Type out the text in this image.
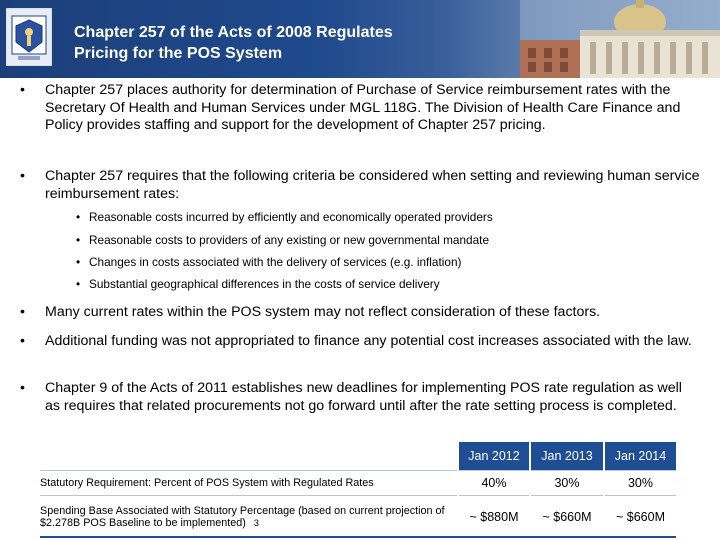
Chapter 257 of the Acts of 2008 Regulates
Pricing for the POS System
• Chapter 257 places authority for determination of Purchase of Service reimbursement rates with the Secretary Of Health and Human Services under MGL 118G. The Division of Health Care Finance and Policy provides staffing and support for the development of Chapter 257 pricing.
• Chapter 257 requires that the following criteria be considered when setting and reviewing human service reimbursement rates:
• Reasonable costs incurred by efficiently and economically operated providers
• Reasonable costs to providers of any existing or new governmental mandate
• Changes in costs associated with the delivery of services (e.g. inflation)
• Substantial geographical differences in the costs of service delivery
• Many current rates within the POS system may not reflect consideration of these factors.
• Additional funding was not appropriated to finance any potential cost increases associated with the law.
• Chapter 9 of the Acts of 2011 establishes new deadlines for implementing POS rate regulation as well as requires that related procurements not go forward until after the rate setting process is completed.
	Jan 2012	Jan 2013	Jan 2014
Statutory Requirement: Percent of POS System with Regulated Rates	40%	30%	30%
Spending Base Associated with Statutory Percentage (based on current projection of $2.278B POS Baseline to be implemented) 3	~ $880M	~ $660M	~ $660M
